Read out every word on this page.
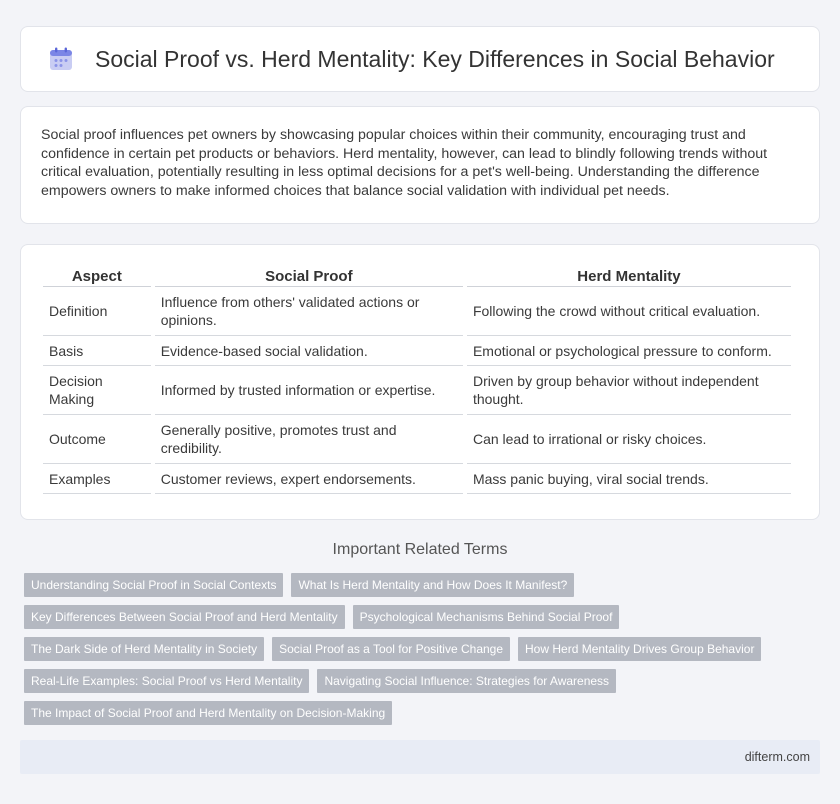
Social Proof vs. Herd Mentality: Key Differences in Social Behavior

Social proof influences pet owners by showcasing popular choices within their community, encouraging trust and confidence in certain pet products or behaviors. Herd mentality, however, can lead to blindly following trends without critical evaluation, potentially resulting in less optimal decisions for a pet's well-being. Understanding the difference empowers owners to make informed choices that balance social validation with individual pet needs.

Aspect	Social Proof	Herd Mentality
Definition	Influence from others' validated actions or opinions.	Following the crowd without critical evaluation.
Basis	Evidence-based social validation.	Emotional or psychological pressure to conform.
Decision Making	Informed by trusted information or expertise.	Driven by group behavior without independent thought.
Outcome	Generally positive, promotes trust and credibility.	Can lead to irrational or risky choices.
Examples	Customer reviews, expert endorsements.	Mass panic buying, viral social trends.
Important Related Terms
Understanding Social Proof in Social Contexts	What Is Herd Mentality and How Does It Manifest?
Key Differences Between Social Proof and Herd Mentality	Psychological Mechanisms Behind Social Proof
The Dark Side of Herd Mentality in Society	Social Proof as a Tool for Positive Change	How Herd Mentality Drives Group Behavior
Real-Life Examples: Social Proof vs Herd Mentality	Navigating Social Influence: Strategies for Awareness
The Impact of Social Proof and Herd Mentality on Decision-Making
difterm.com
